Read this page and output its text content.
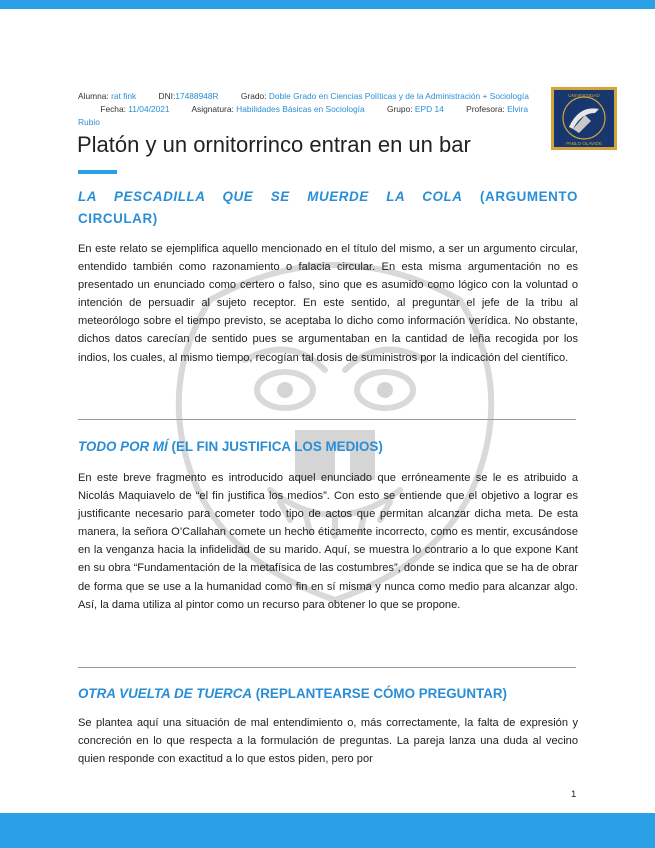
UNIVERSIDAD
PABLO OLAVIDE
Alumna: rat fink	DNI:17488948R	Grado: Doble Grado en Ciencias Políticas y de la Administración + Sociología Fecha: 11/04/2021	Asignatura: Habilidades Básicas en Sociología	Grupo: EPD 14	Profesora: Elvira Rubio
Platón y un ornitorrinco entran en un bar
LA PESCADILLA QUE SE MUERDE LA COLA (ARGUMENTO CIRCULAR)

En este relato se ejemplifica aquello mencionado en el título del mismo, a ser un argumento circular, entendido también como razonamiento o falacia circular. En esta misma argumentación no es presentado un enunciado como certero o falso, sino que es asumido como lógico con la voluntad o intención de persuadir al sujeto receptor. En este sentido, al preguntar el jefe de la tribu al meteorólogo sobre el tiempo previsto, se aceptaba lo dicho como información verídica. No obstante, dichos datos carecían de sentido pues se argumentaban en la cantidad de leña recogida por los indios, los cuales, al mismo tiempo, recogían tal dosis de suministros por la indicación del científico.

TODO POR MÍ (EL FIN JUSTIFICA LOS MEDIOS)

En este breve fragmento es introducido aquel enunciado que erróneamente se le es atribuido a Nicolás Maquiavelo de “el fin justifica los medios”. Con esto se entiende que el objetivo a lograr es justificante necesario para cometer todo tipo de actos que permitan alcanzar dicha meta. De esta manera, la señora O’Callahan comete un hecho éticamente incorrecto, como es mentir, excusándose en la venganza hacia la infidelidad de su marido. Aquí, se muestra lo contrario a lo que expone Kant en su obra “Fundamentación de la metafísica de las costumbres”, donde se indica que se ha de obrar de forma que se use a la humanidad como fin en sí misma y nunca como medio para alcanzar algo. Así, la dama utiliza al pintor como un recurso para obtener lo que se propone.

OTRA VUELTA DE TUERCA (REPLANTEARSE CÓMO PREGUNTAR)

Se plantea aquí una situación de mal entendimiento o, más correctamente, la falta de expresión y concreción en lo que respecta a la formulación de preguntas. La pareja lanza una duda al vecino quien responde con exactitud a lo que estos piden, pero por

1
